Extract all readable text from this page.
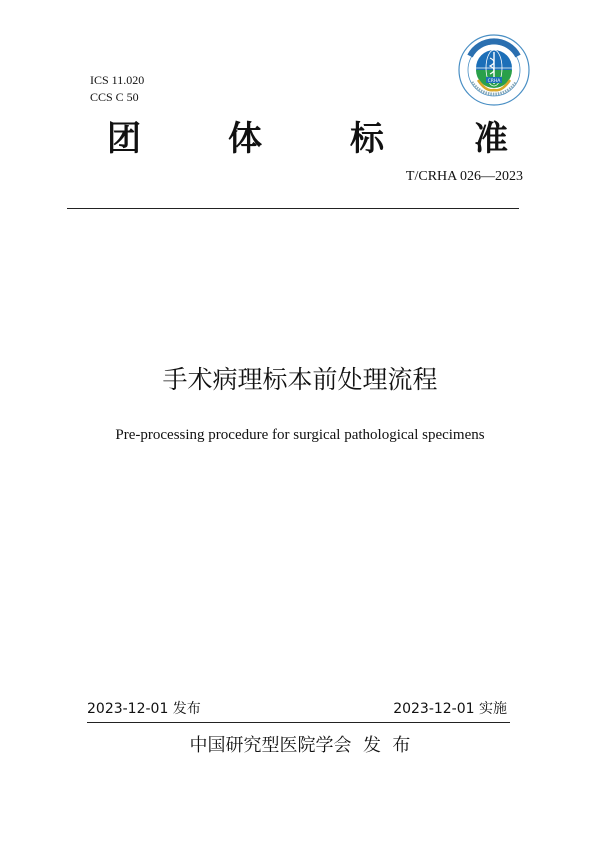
ICS 11.020
CCS C 50
CRHA
团	体	标	准
T/CRHA 026—2023
手术病理标本前处理流程
Pre-processing procedure for surgical pathological specimens
2023-12-01 发布	2023-12-01 实施
中国研究型医院学会  发  布
